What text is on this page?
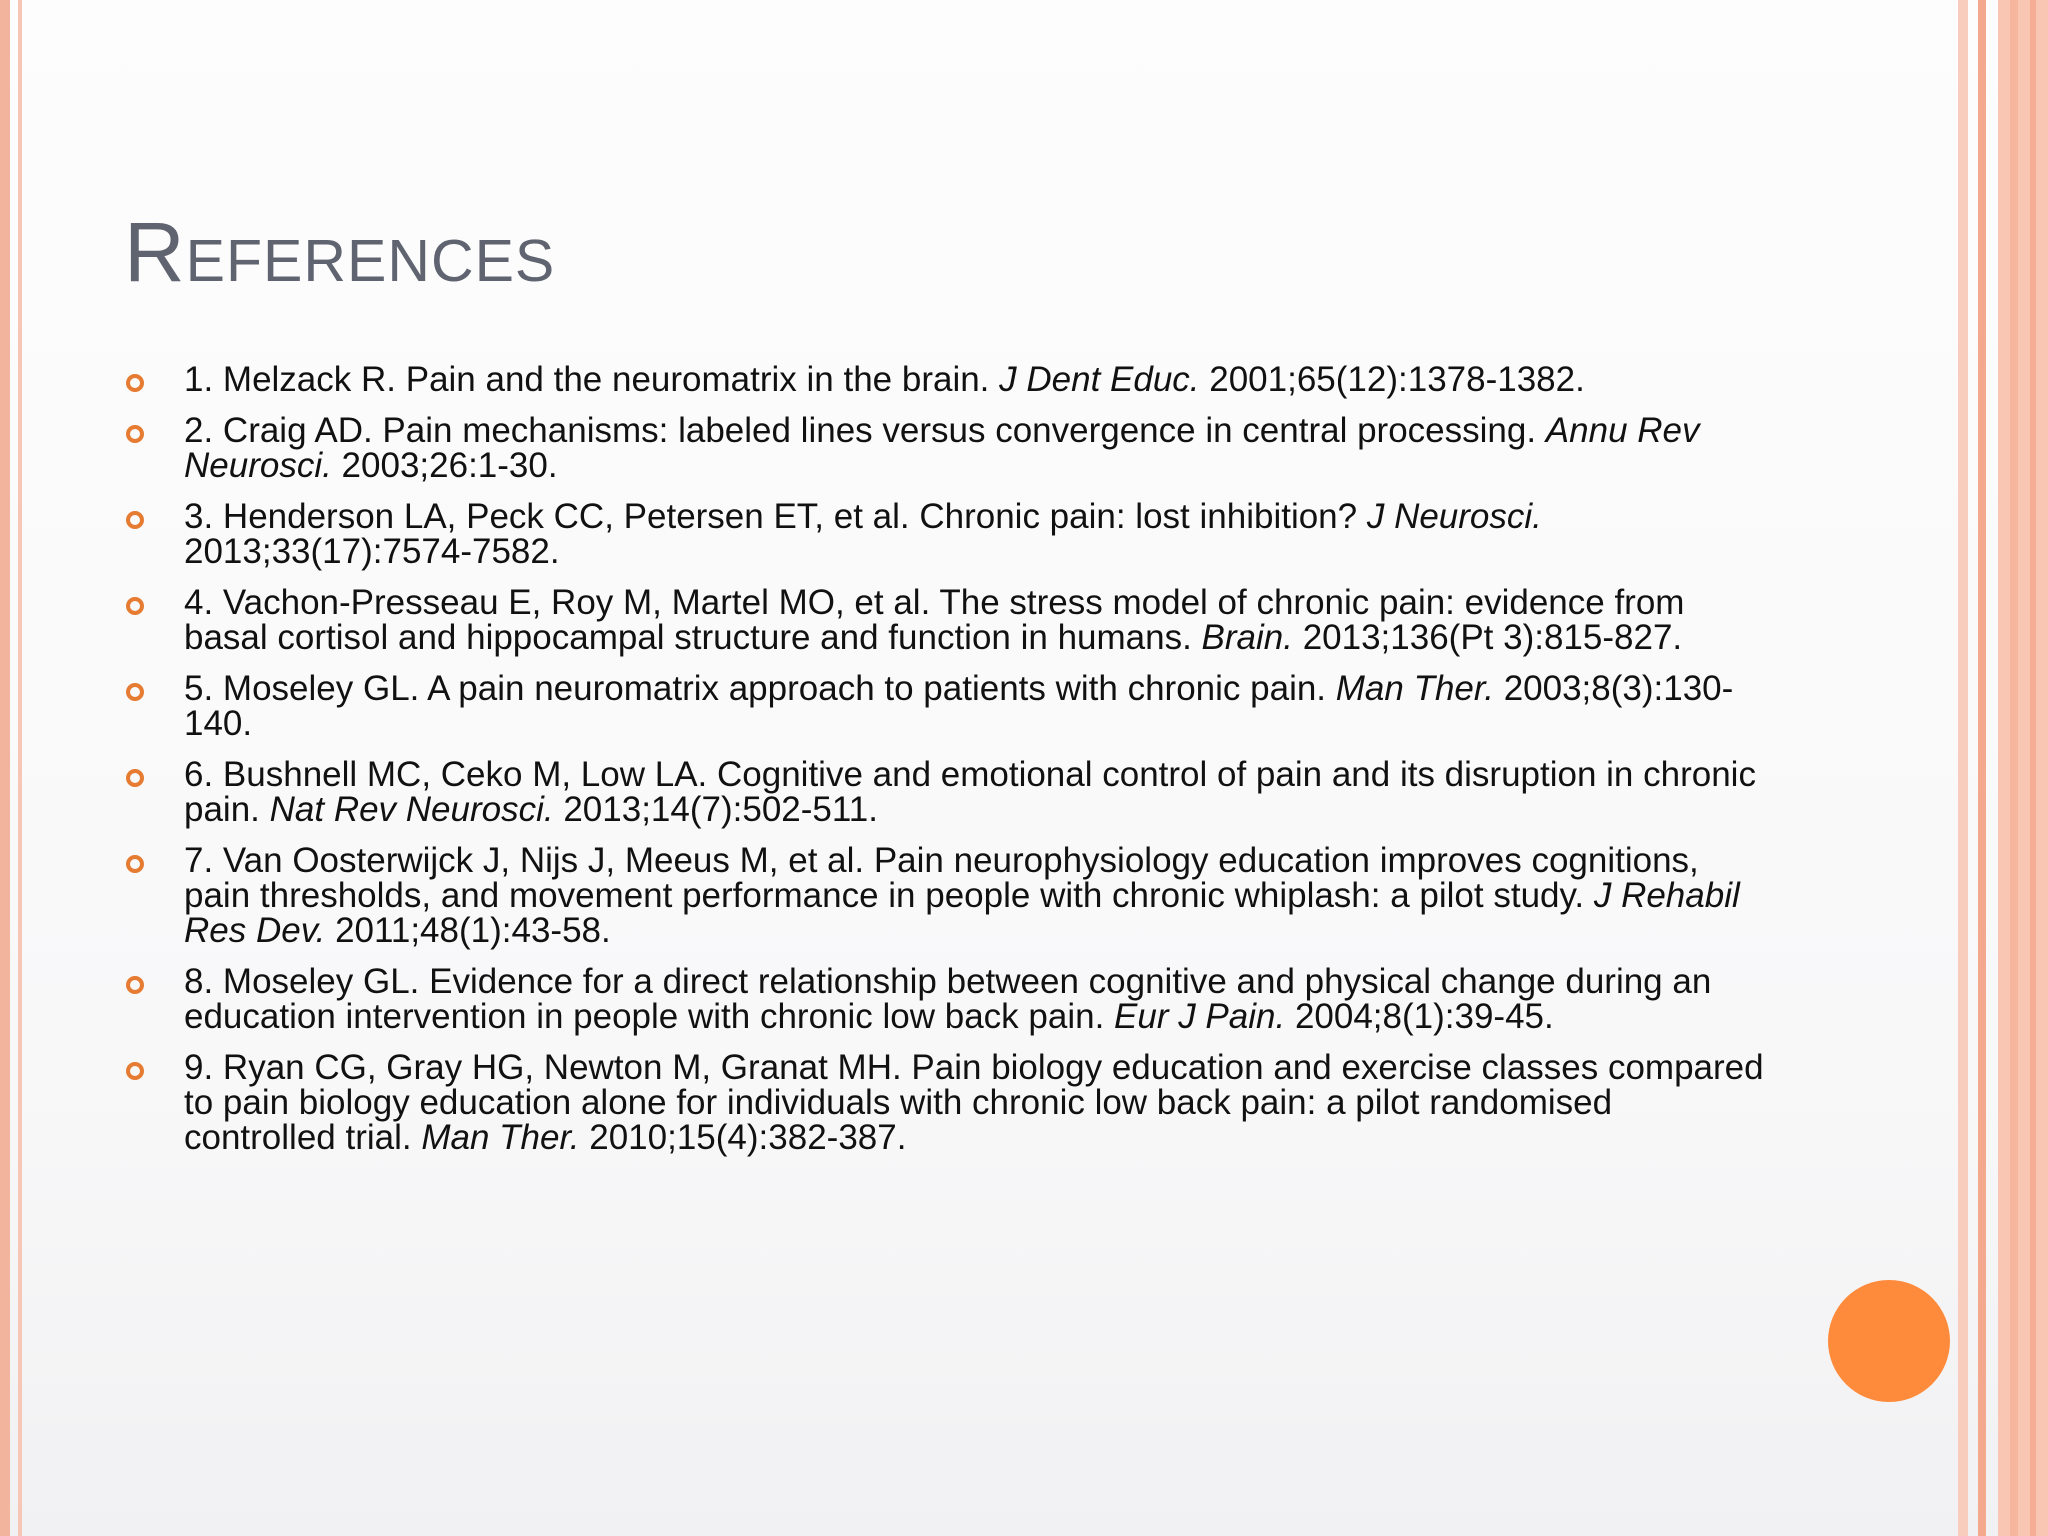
References
1. Melzack R. Pain and the neuromatrix in the brain. J Dent Educ. 2001;65(12):1378-1382.
2. Craig AD. Pain mechanisms: labeled lines versus convergence in central processing. Annu Rev Neurosci. 2003;26:1-30.
3. Henderson LA, Peck CC, Petersen ET, et al. Chronic pain: lost inhibition? J Neurosci. 2013;33(17):7574-7582.
4. Vachon-Presseau E, Roy M, Martel MO, et al. The stress model of chronic pain: evidence from basal cortisol and hippocampal structure and function in humans. Brain. 2013;136(Pt 3):815-827.
5. Moseley GL. A pain neuromatrix approach to patients with chronic pain. Man Ther. 2003;8(3):130-140.
6. Bushnell MC, Ceko M, Low LA. Cognitive and emotional control of pain and its disruption in chronic pain. Nat Rev Neurosci. 2013;14(7):502-511.
7. Van Oosterwijck J, Nijs J, Meeus M, et al. Pain neurophysiology education improves cognitions, pain thresholds, and movement performance in people with chronic whiplash: a pilot study. J Rehabil Res Dev. 2011;48(1):43-58.
8. Moseley GL. Evidence for a direct relationship between cognitive and physical change during an education intervention in people with chronic low back pain. Eur J Pain. 2004;8(1):39-45.
9. Ryan CG, Gray HG, Newton M, Granat MH. Pain biology education and exercise classes compared to pain biology education alone for individuals with chronic low back pain: a pilot randomised controlled trial. Man Ther. 2010;15(4):382-387.
